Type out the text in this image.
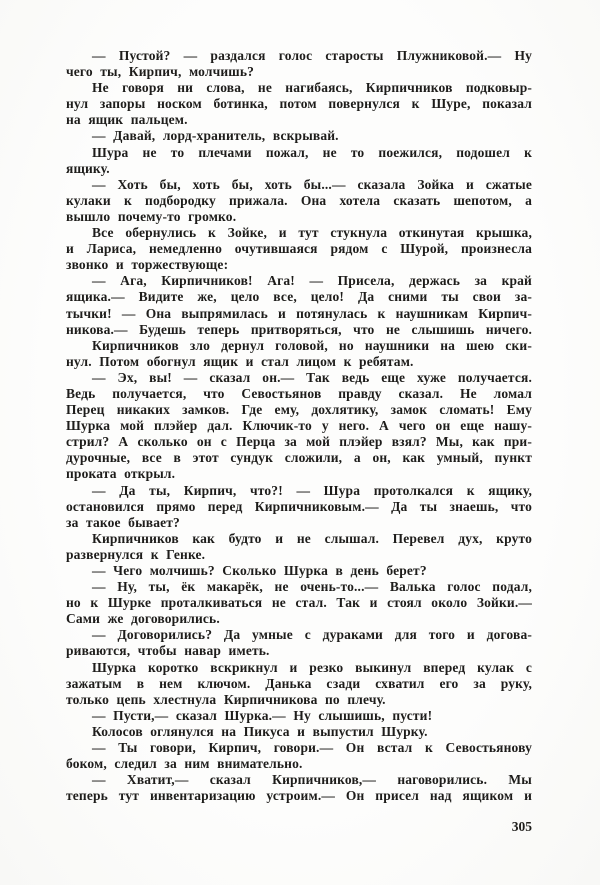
— Пустой? — раздался голос старосты Плужниковой.— Ну
чего ты, Кирпич, молчишь?
Не говоря ни слова, не нагибаясь, Кирпичников подковыр-
нул запоры носком ботинка, потом повернулся к Шуре, показал
на ящик пальцем.
— Давай, лорд-хранитель, вскрывай.
Шура не то плечами пожал, не то поежился, подошел к
ящику.
— Хоть бы, хоть бы, хоть бы...— сказала Зойка и сжатые
кулаки к подбородку прижала. Она хотела сказать шепотом, а
вышло почему-то громко.
Все обернулись к Зойке, и тут стукнула откинутая крышка,
и Лариса, немедленно очутившаяся рядом с Шурой, произнесла
звонко и торжествующе:
— Ага, Кирпичников! Ага! — Присела, держась за край
ящика.— Видите же, цело все, цело! Да сними ты свои за-
тычки! — Она выпрямилась и потянулась к наушникам Кирпич-
никова.— Будешь теперь притворяться, что не слышишь ничего.
Кирпичников зло дернул головой, но наушники на шею ски-
нул. Потом обогнул ящик и стал лицом к ребятам.
— Эх, вы! — сказал он.— Так ведь еще хуже получается.
Ведь получается, что Севостьянов правду сказал. Не ломал
Перец никаких замков. Где ему, дохлятику, замок сломать! Ему
Шурка мой плэйер дал. Ключик-то у него. А чего он еще нашу-
стрил? А сколько он с Перца за мой плэйер взял? Мы, как при-
дурочные, все в этот сундук сложили, а он, как умный, пункт
проката открыл.
— Да ты, Кирпич, что?! — Шура протолкался к ящику,
остановился прямо перед Кирпичниковым.— Да ты знаешь, что
за такое бывает?
Кирпичников как будто и не слышал. Перевел дух, круто
развернулся к Генке.
— Чего молчишь? Сколько Шурка в день берет?
— Ну, ты, ёк макарёк, не очень-то...— Валька голос подал,
но к Шурке проталкиваться не стал. Так и стоял около Зойки.—
Сами же договорились.
— Договорились? Да умные с дураками для того и догова-
риваются, чтобы навар иметь.
Шурка коротко вскрикнул и резко выкинул вперед кулак с
зажатым в нем ключом. Данька сзади схватил его за руку,
только цепь хлестнула Кирпичникова по плечу.
— Пусти,— сказал Шурка.— Ну слышишь, пусти!
Колосов оглянулся на Пикуса и выпустил Шурку.
— Ты говори, Кирпич, говори.— Он встал к Севостьянову
боком, следил за ним внимательно.
— Хватит,— сказал Кирпичников,— наговорились. Мы
теперь тут инвентаризацию устроим.— Он присел над ящиком и
305
